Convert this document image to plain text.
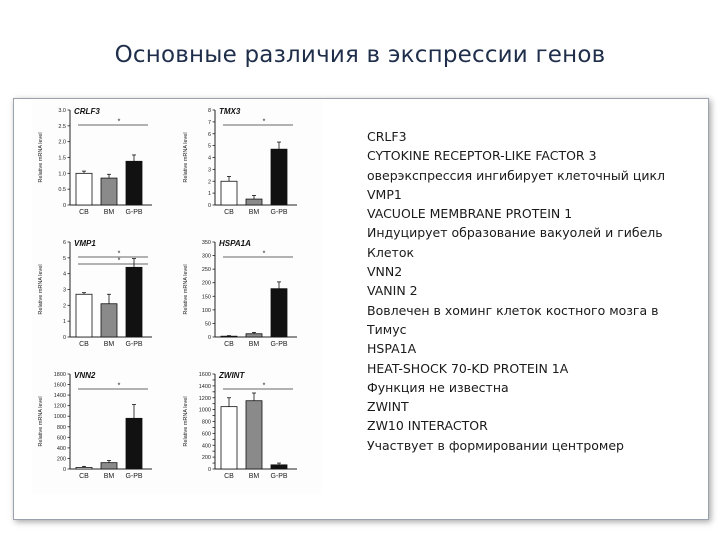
Основные различия в экспрессии генов
0
0.5
1.0
1.5
2.0
2.5
3.0
Relative mRNA level
CRLF3
*
CB BM G-PB
0
1
2
3
4
5
6
7
8
Relative mRNA level
TMX3
*
CB BM G-PB
0
1
2
3
4
5
6
Relative mRNA level
VMP1
*
*
CB BM G-PB
0
50
100
150
200
250
300
350
Relative mRNA level
HSPA1A
*
CB BM G-PB
0
200
400
600
800
1000
1200
1400
1600
1800
Relative mRNA level
VNN2
*
CB BM G-PB
0
200
400
600
800
1000
1200
1400
1600
Relative mRNA level
ZWINT
*
CB BM G-PB
CRLF3
CYTOKINE RECEPTOR-LIKE FACTOR 3
оверэкспрессия ингибирует клеточный цикл
VMP1
VACUOLE MEMBRANE PROTEIN 1
Индуцирует образование вакуолей и гибель
Клеток
VNN2
VANIN 2
Вовлечен в хоминг клеток костного мозга в
Тимус
HSPA1A
HEAT-SHOCK 70-KD PROTEIN 1A
Функция не известна
ZWINT
ZW10 INTERACTOR
Участвует в формировании центромер
